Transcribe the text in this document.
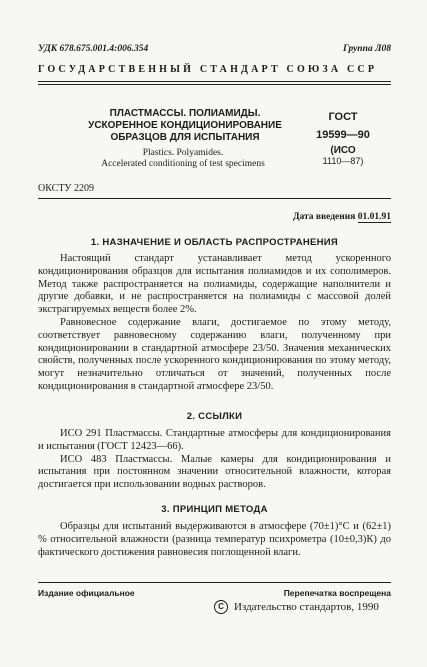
УДК 678.675.001.4:006.354	Группа Л08
ГОСУДАРСТВЕННЫЙ СТАНДАРТ СОЮЗА ССР
ПЛАСТМАССЫ. ПОЛИАМИДЫ.
УСКОРЕННОЕ КОНДИЦИОНИРОВАНИЕ
ОБРАЗЦОВ ДЛЯ ИСПЫТАНИЯ
Plastics. Polyamides.
Accelerated conditioning of test specimens
ГОСТ
19599—90
(ИСО
1110—87)
ОКСТУ 2209
Дата введения 01.01.91
1. НАЗНАЧЕНИЕ И ОБЛАСТЬ РАСПРОСТРАНЕНИЯ

Настоящий стандарт устанавливает метод ускоренного кондиционирования образцов для испытания полиамидов и их сополимеров. Метод также распространяется на полиамиды, содержащие наполнители и другие добавки, и не распространяется на полиамиды с массовой долей экстрагируемых веществ более 2%.

Равновесное содержание влаги, достигаемое по этому методу, соответствует равновесному содержанию влаги, полученному при кондиционировании в стандартной атмосфере 23/50. Значения механических свойств, полученных после ускоренного кондиционирования по этому методу, могут незначительно отличаться от значений, полученных после кондиционирования в стандартной атмосфере 23/50.

2. ССЫЛКИ

ИСО 291 Пластмассы. Стандартные атмосферы для кондиционирования и испытания (ГОСТ 12423—66).

ИСО 483 Пластмассы. Малые камеры для кондиционирования и испытания при постоянном значении относительной влажности, которая достигается при использовании водных растворов.

3. ПРИНЦИП МЕТОДА

Образцы для испытаний выдерживаются в атмосфере (70±1)°С и (62±1) % относительной влажности (разница температур психрометра (10±0,3)К) до фактического достижения равновесия поглощенной влаги.

Издание официальное	Перепечатка воспрещена
С Издательство стандартов, 1990
